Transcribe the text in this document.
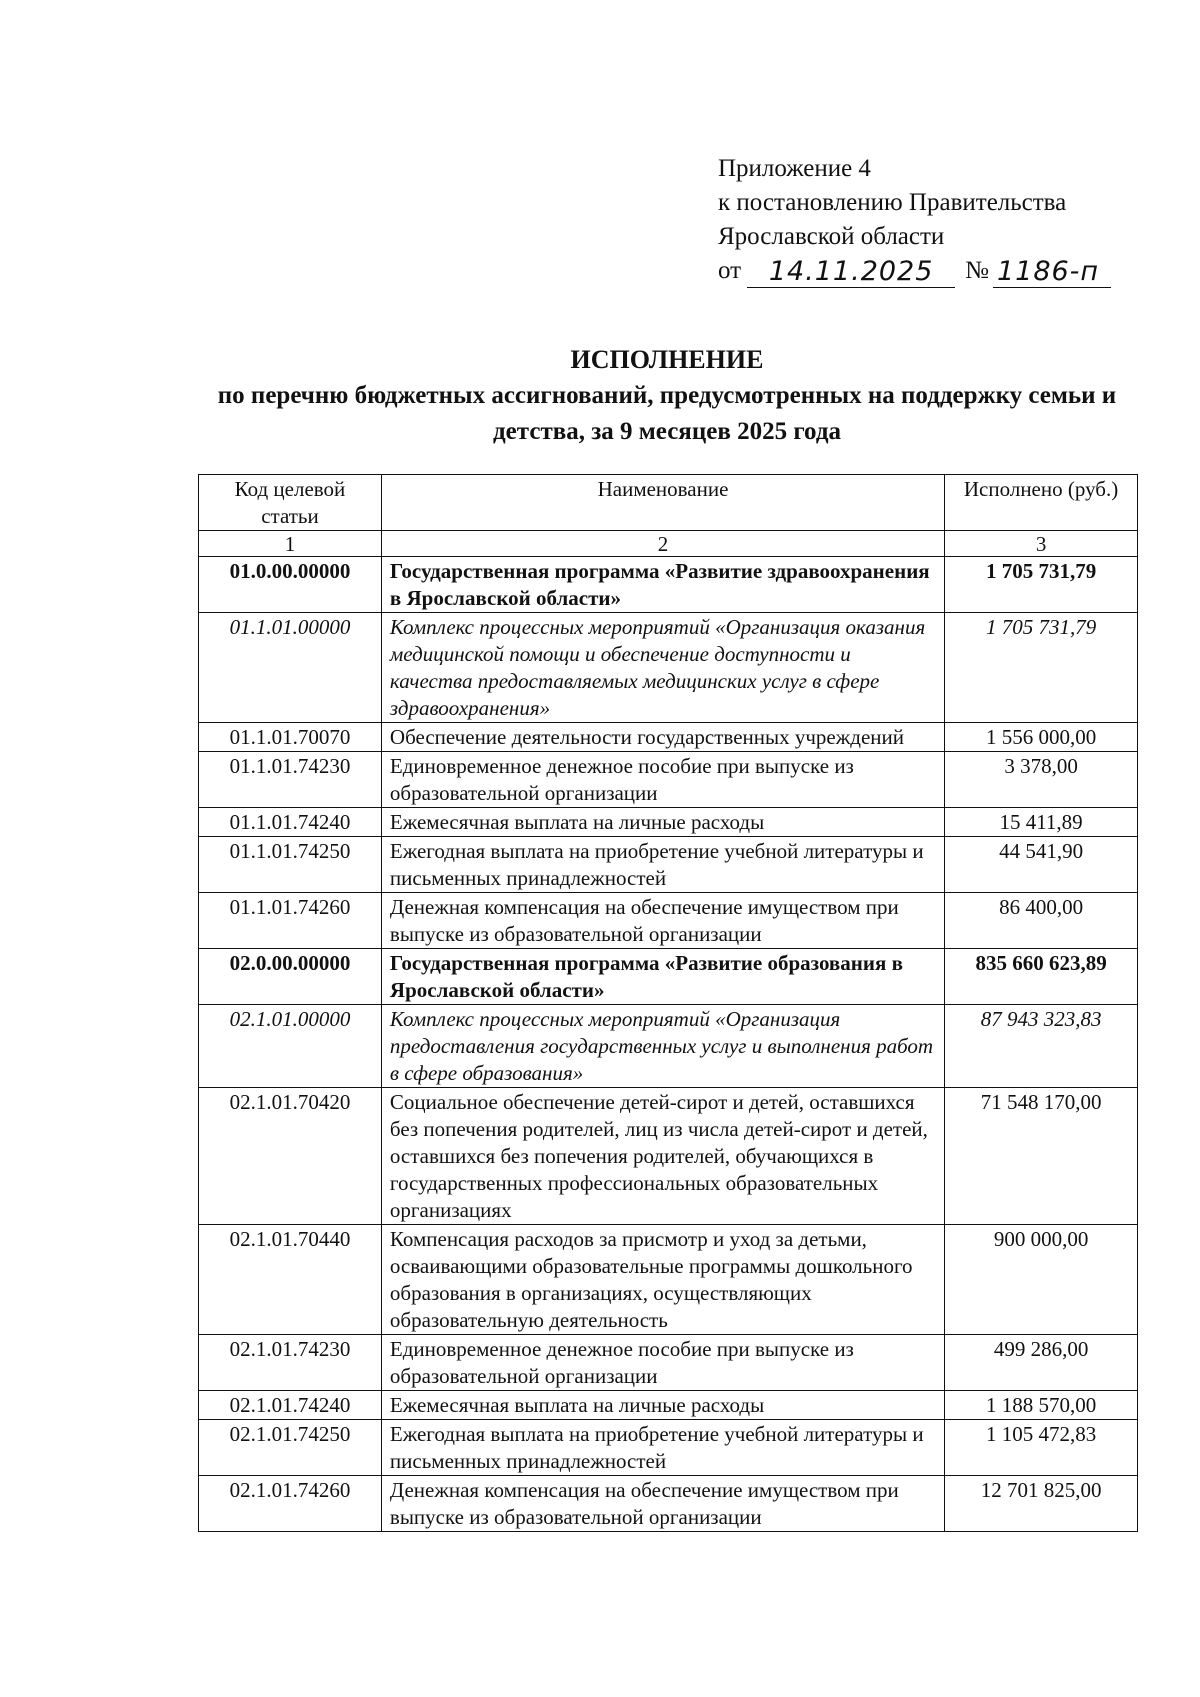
Приложение 4
к постановлению Правительства
Ярославской области
от	14.11.2025	№ 1186-п
ИСПОЛНЕНИЕ
по перечню бюджетных ассигнований, предусмотренных на поддержку семьи и детства, за 9 месяцев 2025 года
Код целевой статьи	Наименование	Исполнено (руб.)
1	2	3
01.0.00.00000	Государственная программа «Развитие здравоохранения в Ярославской области»	1 705 731,79
01.1.01.00000	Комплекс процессных мероприятий «Организация оказания медицинской помощи и обеспечение доступности и качества предоставляемых медицинских услуг в сфере здравоохранения»	1 705 731,79
01.1.01.70070	Обеспечение деятельности государственных учреждений	1 556 000,00
01.1.01.74230	Единовременное денежное пособие при выпуске из образовательной организации	3 378,00
01.1.01.74240	Ежемесячная выплата на личные расходы	15 411,89
01.1.01.74250	Ежегодная выплата на приобретение учебной литературы и письменных принадлежностей	44 541,90
01.1.01.74260	Денежная компенсация на обеспечение имуществом при выпуске из образовательной организации	86 400,00
02.0.00.00000	Государственная программа «Развитие образования в Ярославской области»	835 660 623,89
02.1.01.00000	Комплекс процессных мероприятий «Организация предоставления государственных услуг и выполнения работ в сфере образования»	87 943 323,83
02.1.01.70420	Социальное обеспечение детей-сирот и детей, оставшихся без попечения родителей, лиц из числа детей-сирот и детей, оставшихся без попечения родителей, обучающихся в государственных профессиональных образовательных организациях	71 548 170,00
02.1.01.70440	Компенсация расходов за присмотр и уход за детьми, осваивающими образовательные программы дошкольного образования в организациях, осуществляющих образовательную деятельность	900 000,00
02.1.01.74230	Единовременное денежное пособие при выпуске из образовательной организации	499 286,00
02.1.01.74240	Ежемесячная выплата на личные расходы	1 188 570,00
02.1.01.74250	Ежегодная выплата на приобретение учебной литературы и письменных принадлежностей	1 105 472,83
02.1.01.74260	Денежная компенсация на обеспечение имуществом при выпуске из образовательной организации	12 701 825,00
